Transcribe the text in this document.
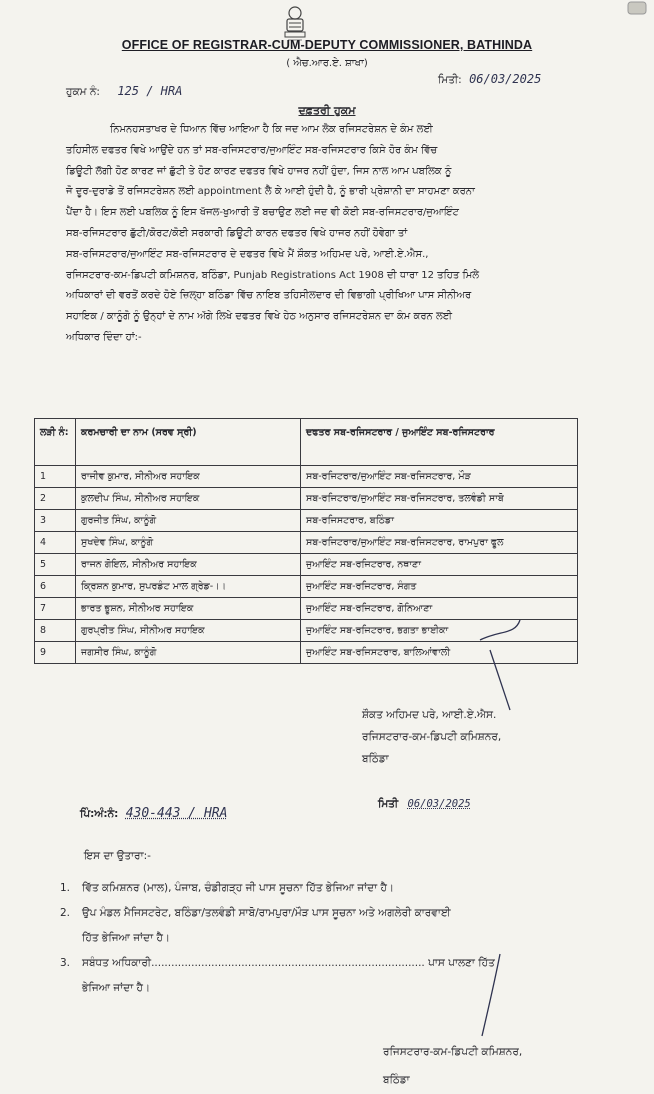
OFFICE OF REGISTRAR-CUM-DEPUTY COMMISSIONER, BATHINDA
( ਐਚ.ਆਰ.ਏ. ਸ਼ਾਖਾ)
ਹੁਕਮ ਨੰ: 125 / HRA
ਮਿਤੀ: 06/03/2025
ਦਫ਼ਤਰੀ ਹੁਕਮ
ਨਿਮਨਹਸਤਾਖਰ ਦੇ ਧਿਆਨ ਵਿੱਚ ਆਇਆ ਹੈ ਕਿ ਜਦ ਆਮ ਲੋਕ ਰਜਿਸਟਰੇਸ਼ਨ ਦੇ ਕੰਮ ਲਈ
ਤਹਿਸੀਲ ਦਫਤਰ ਵਿਖੇ ਆਉਂਦੇ ਹਨ ਤਾਂ ਸਬ-ਰਜਿਸਟਰਾਰ/ਜੁਆਇੰਟ ਸਬ-ਰਜਿਸਟਰਾਰ ਕਿਸੇ ਹੋਰ ਕੰਮ ਵਿੱਚ
ਡਿਊਟੀ ਲੱਗੀ ਹੋਣ ਕਾਰਣ ਜਾਂ ਛੁੱਟੀ ਤੇ ਹੋਣ ਕਾਰਣ ਦਫਤਰ ਵਿਖੇ ਹਾਜਰ ਨਹੀਂ ਹੁੰਦਾ, ਜਿਸ ਨਾਲ ਆਮ ਪਬਲਿਕ ਨੂੰ
ਜੋ ਦੂਰ-ਦੁਰਾਡੇ ਤੋਂ ਰਜਿਸਟਰੇਸ਼ਨ ਲਈ appointment ਲੈ ਕੇ ਆਈ ਹੁੰਦੀ ਹੈ, ਨੂੰ ਭਾਰੀ ਪ੍ਰੇਸ਼ਾਨੀ ਦਾ ਸਾਹਮਣਾ ਕਰਨਾ
ਪੈਂਦਾ ਹੈ। ਇਸ ਲਈ ਪਬਲਿਕ ਨੂੰ ਇਸ ਖੱਜਲ-ਖੁਆਰੀ ਤੋਂ ਬਚਾਉਣ ਲਈ ਜਦ ਵੀ ਕੋਈ ਸਬ-ਰਜਿਸਟਰਾਰ/ਜੁਆਇੰਟ
ਸਬ-ਰਜਿਸਟਰਾਰ ਛੁੱਟੀ/ਕੋਰਟ/ਕੋਈ ਸਰਕਾਰੀ ਡਿਊਟੀ ਕਾਰਨ ਦਫਤਰ ਵਿਖੇ ਹਾਜਰ ਨਹੀਂ ਹੋਵੇਗਾ ਤਾਂ
ਸਬ-ਰਜਿਸਟਰਾਰ/ਜੁਆਇੰਟ ਸਬ-ਰਜਿਸਟਰਾਰ ਦੇ ਦਫਤਰ ਵਿਖੇ ਮੈਂ ਸ਼ੌਕਤ ਅਹਿਮਦ ਪਰੇ, ਆਈ.ਏ.ਐਸ.,
ਰਜਿਸਟਰਾਰ-ਕਮ-ਡਿਪਟੀ ਕਮਿਸ਼ਨਰ, ਬਠਿੰਡਾ, Punjab Registrations Act 1908 ਦੀ ਧਾਰਾ 12 ਤਹਿਤ ਮਿਲੇ
ਅਧਿਕਾਰਾਂ ਦੀ ਵਰਤੋਂ ਕਰਦੇ ਹੋਏ ਜ਼ਿਲ੍ਹਾ ਬਠਿੰਡਾ ਵਿੱਚ ਨਾਇਬ ਤਹਿਸੀਲਦਾਰ ਦੀ ਵਿਭਾਗੀ ਪ੍ਰੀਖਿਆ ਪਾਸ ਸੀਨੀਅਰ
ਸਹਾਇਕ / ਕਾਨੂੰਗੋ ਨੂੰ ਉਨ੍ਹਾਂ ਦੇ ਨਾਮ ਅੱਗੇ ਲਿਖੇ ਦਫਤਰ ਵਿਖੇ ਹੇਠ ਅਨੁਸਾਰ ਰਜਿਸਟਰੇਸ਼ਨ ਦਾ ਕੰਮ ਕਰਨ ਲਈ
ਅਧਿਕਾਰ ਦਿੰਦਾ ਹਾਂ:-
ਲੜੀ ਨੰ:	ਕਰਮਚਾਰੀ ਦਾ ਨਾਮ (ਸਰਵ ਸ੍ਰੀ)	ਦਫਤਰ ਸਬ-ਰਜਿਸਟਰਾਰ / ਜੁਆਇੰਟ ਸਬ-ਰਜਿਸਟਰਾਰ
1	ਰਾਜੀਵ ਕੁਮਾਰ, ਸੀਨੀਅਰ ਸਹਾਇਕ	ਸਬ-ਰਜਿਟਰਾਰ/ਜੁਆਇੰਟ ਸਬ-ਰਜਿਸਟਰਾਰ, ਮੌੜ
2	ਕੁਲਦੀਪ ਸਿੰਘ, ਸੀਨੀਅਰ ਸਹਾਇਕ	ਸਬ-ਰਜਿਟਰਾਰ/ਜੁਆਇੰਟ ਸਬ-ਰਜਿਸਟਰਾਰ, ਤਲਵੰਡੀ ਸਾਬੋ
3	ਗੁਰਜੀਤ ਸਿੰਘ, ਕਾਨੂੰਗੋ	ਸਬ-ਰਜਿਸਟਰਾਰ, ਬਠਿੰਡਾ
4	ਸੁਖਦੇਵ ਸਿੰਘ, ਕਾਨੂੰਗੋ	ਸਬ-ਰਜਿਟਰਾਰ/ਜੁਆਇੰਟ ਸਬ-ਰਜਿਸਟਰਾਰ, ਰਾਮਪੁਰਾ ਫੂਲ
5	ਰਾਜਨ ਗੋਇਲ, ਸੀਨੀਅਰ ਸਹਾਇਕ	ਜੁਆਇੰਟ ਸਬ-ਰਜਿਟਰਾਰ, ਨਥਾਣਾ
6	ਕ੍ਰਿਸ਼ਨ ਕੁਮਾਰ, ਸੁਪਰਡੰਟ ਮਾਲ ਗ੍ਰੇਡ-।।	ਜੁਆਇੰਟ ਸਬ-ਰਜਿਟਰਾਰ, ਸੰਗਤ
7	ਭਾਰਤ ਭੂਸ਼ਨ, ਸੀਨੀਅਰ ਸਹਾਇਕ	ਜੁਆਇੰਟ ਸਬ-ਰਜਿਟਰਾਰ, ਗੋਨਿਆਣਾ
8	ਗੁਰਪ੍ਰੀਤ ਸਿੰਘ, ਸੀਨੀਅਰ ਸਹਾਇਕ	ਜੁਆਇੰਟ ਸਬ-ਰਜਿਟਰਾਰ, ਭਗਤਾ ਭਾਈਕਾ
9	ਜਗਸੀਰ ਸਿੰਘ, ਕਾਨੂੰਗੋ	ਜੁਆਇੰਟ ਸਬ-ਰਜਿਸਟਰਾਰ, ਬਾਲਿਆਂਵਾਲੀ
ਸ਼ੌਕਤ ਅਹਿਮਦ ਪਰੇ, ਆਈ.ਏ.ਐਸ.
ਰਜਿਸਟਰਾਰ-ਕਮ-ਡਿਪਟੀ ਕਮਿਸ਼ਨਰ,
ਬਠਿੰਡਾ
ਮਿਤੀ 06/03/2025
ਪਿੰ:ਅੰ:ਨੰ: 430-443 / HRA
ਇਸ ਦਾ ਉਤਾਰਾ:-
1.	ਵਿੱਤ ਕਮਿਸ਼ਨਰ (ਮਾਲ), ਪੰਜਾਬ, ਚੰਡੀਗੜ੍ਹ ਜੀ ਪਾਸ ਸੂਚਨਾ ਹਿੱਤ ਭੇਜਿਆ ਜਾਂਦਾ ਹੈ।
2.	ਉਪ ਮੰਡਲ ਮੈਜਿਸਟਰੇਟ, ਬਠਿੰਡਾ/ਤਲਵੰਡੀ ਸਾਬੋ/ਰਾਮਪੁਰਾ/ਮੌੜ ਪਾਸ ਸੂਚਨਾ ਅਤੇ ਅਗਲੇਰੀ ਕਾਰਵਾਈ
ਹਿੱਤ ਭੇਜਿਆ ਜਾਂਦਾ ਹੈ।
3.	ਸਬੰਧਤ ਅਧਿਕਾਰੀ.................................................................................. ਪਾਸ ਪਾਲਣਾ ਹਿੱਤ
ਭੇਜਿਆ ਜਾਂਦਾ ਹੈ।
ਰਜਿਸਟਰਾਰ-ਕਮ-ਡਿਪਟੀ ਕਮਿਸ਼ਨਰ,
ਬਠਿੰਡਾ
